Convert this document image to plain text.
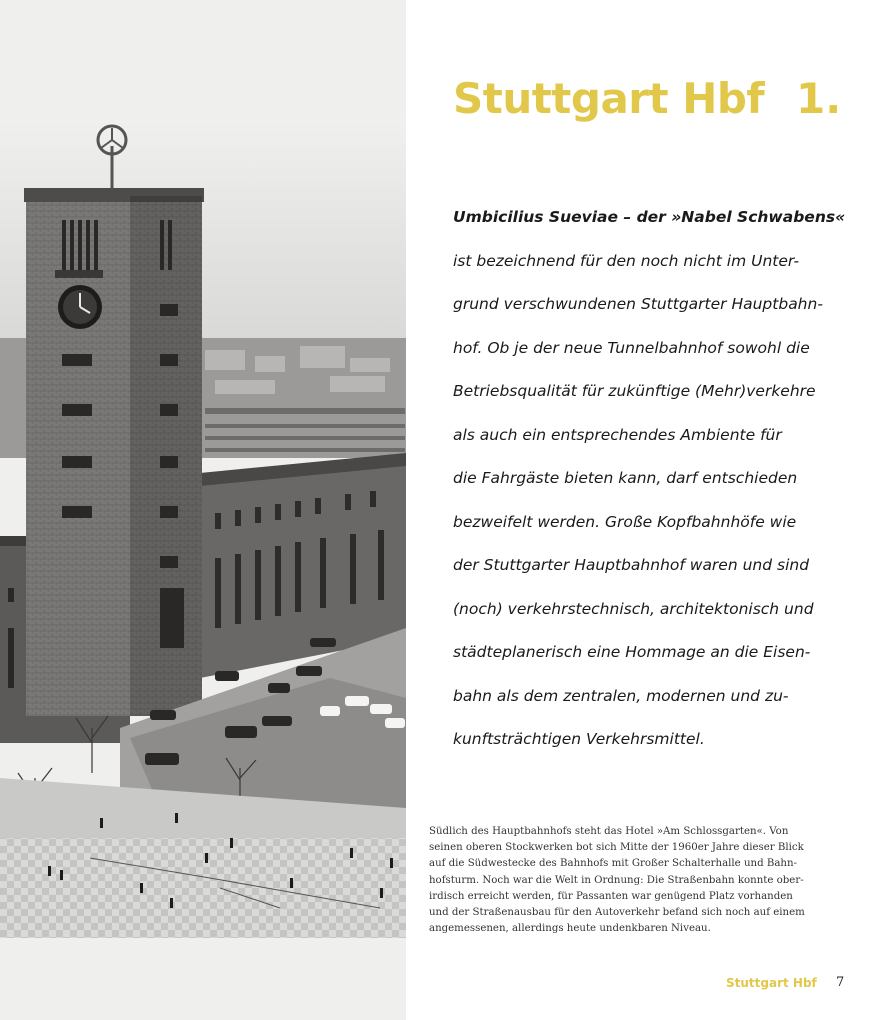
Stuttgart Hbf 1.
Umbicilius Sueviae – der »Nabel Schwabens«
ist bezeichnend für den noch nicht im Unter-
grund verschwundenen Stuttgarter Hauptbahn-
hof. Ob je der neue Tunnelbahnhof sowohl die
Betriebsqualität für zukünftige (Mehr)verkehre
als auch ein entsprechendes Ambiente für
die Fahrgäste bieten kann, darf entschieden
bezweifelt werden. Große Kopfbahnhöfe wie
der Stuttgarter Hauptbahnhof waren und sind
(noch) verkehrstechnisch, architektonisch und
städteplanerisch eine Hommage an die Eisen-
bahn als dem zentralen, modernen und zu-
kunftsträchtigen Verkehrsmittel.
Südlich des Hauptbahnhofs steht das Hotel »Am Schlossgarten«. Von
seinen oberen Stockwerken bot sich Mitte der 1960er Jahre dieser Blick
auf die Südwestecke des Bahnhofs mit Großer Schalterhalle und Bahn-
hofsturm. Noch war die Welt in Ordnung: Die Straßenbahn konnte ober-
irdisch erreicht werden, für Passanten war genügend Platz vorhanden
und der Straßenausbau für den Autoverkehr befand sich noch auf einem
angemessenen, allerdings heute undenkbaren Niveau.
Stuttgart Hbf 7
